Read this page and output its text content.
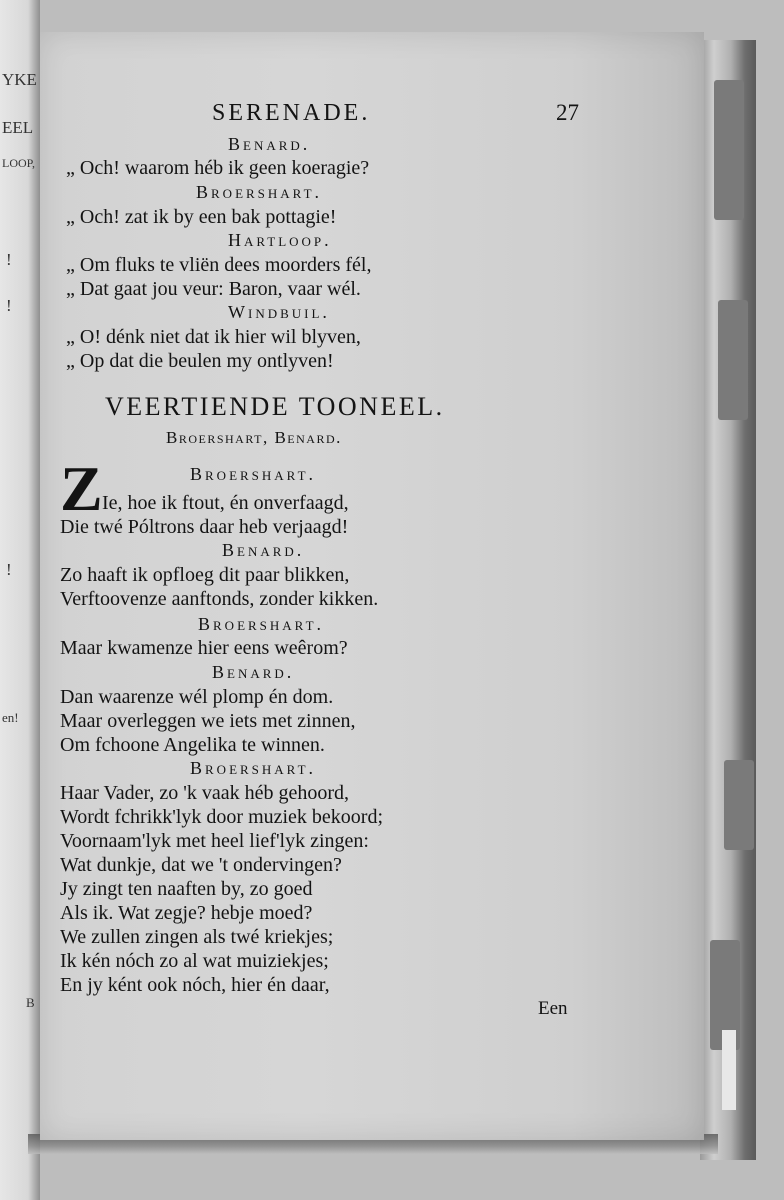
YKE
EEL
LOOP,
!
!
!
en!
B

SERENADE.	27
Benard.
„ Och! waarom héb ik geen koeragie?
Broershart.
„ Och! zat ik by een bak pottagie!
Hartloop.
„ Om fluks te vliën dees moorders fél,
„ Dat gaat jou veur: Baron, vaar wél.
Windbuil.
„ O! dénk niet dat ik hier wil blyven,
„ Op dat die beulen my ontlyven!
VEERTIENDE TOONEEL.
Broershart, Benard.
Broershart.
Z Ie, hoe ik ftout, én onverfaagd,
Die twé Póltrons daar heb verjaagd!
Benard.
Zo haaft ik opfloeg dit paar blikken,
Verftoovenze aanftonds, zonder kikken.
Broershart.
Maar kwamenze hier eens weêrom?
Benard.
Dan waarenze wél plomp én dom.
Maar overleggen we iets met zinnen,
Om fchoone Angelika te winnen.
Broershart.
Haar Vader, zo 'k vaak héb gehoord,
Wordt fchrikk'lyk door muziek bekoord;
Voornaam'lyk met heel lief'lyk zingen:
Wat dunkje, dat we 't ondervingen?
Jy zingt ten naaften by, zo goed
Als ik. Wat zegje? hebje moed?
We zullen zingen als twé kriekjes;
Ik kén nóch zo al wat muiziekjes;
En jy ként ook nóch, hier én daar,
Een
